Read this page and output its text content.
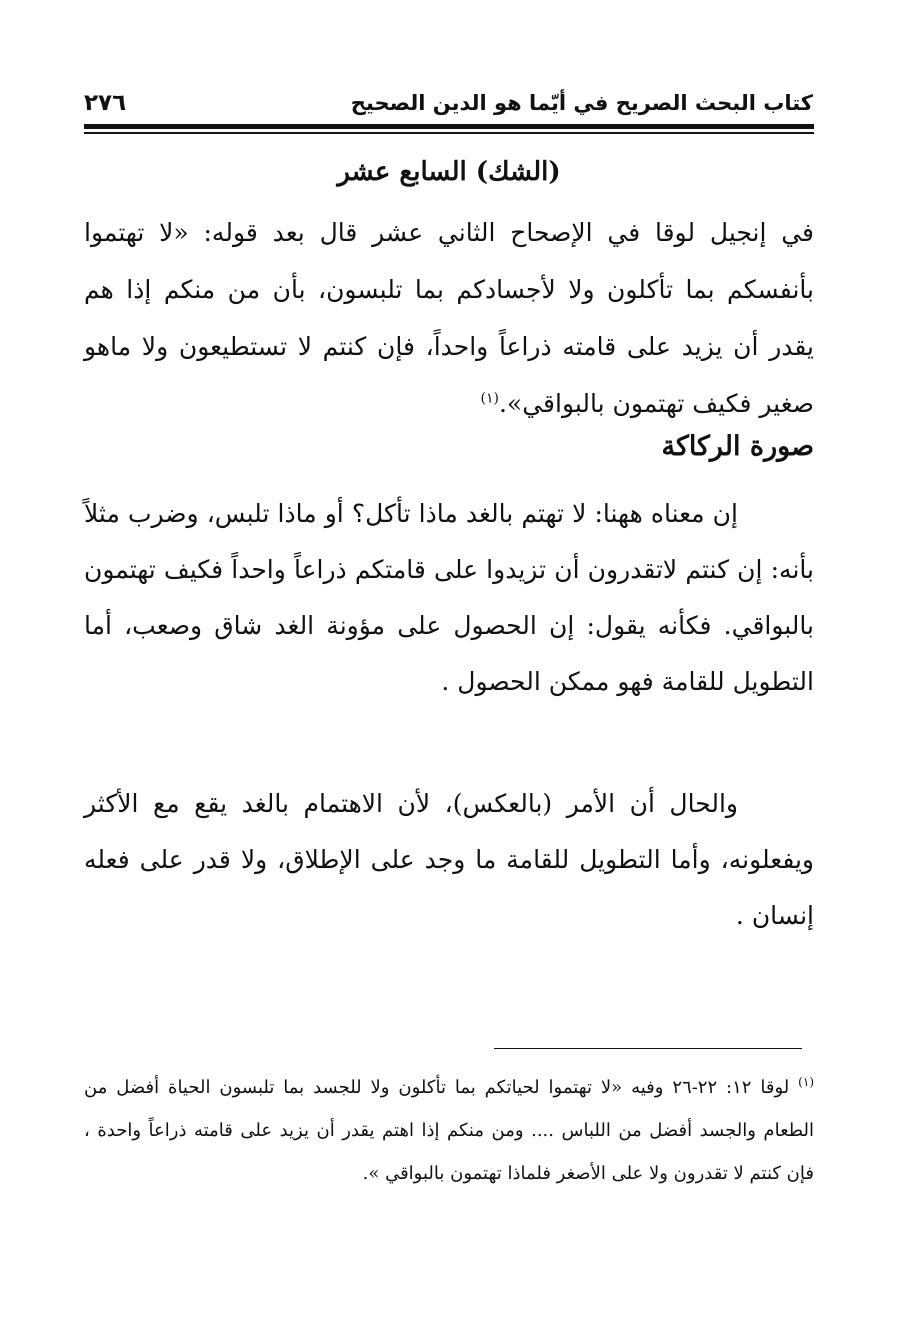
كتاب البحث الصريح في أيّما هو الدين الصحيح
٢٧٦
(الشك) السابع عشر
في إنجيل لوقا في الإصحاح الثاني عشر قال بعد قوله: «لا تهتموا بأنفسكم بما تأكلون ولا لأجسادكم بما تلبسون، بأن من منكم إذا هم يقدر أن يزيد على قامته ذراعاً واحداً، فإن كنتم لا تستطيعون ولا ماهو صغير فكيف تهتمون بالبواقي».$^{(١)}$
صورة الركاكة
إن معناه ههنا: لا تهتم بالغد ماذا تأكل؟ أو ماذا تلبس، وضرب مثلاً بأنه: إن كنتم لاتقدرون أن تزيدوا على قامتكم ذراعاً واحداً فكيف تهتمون بالبواقي. فكأنه يقول: إن الحصول على مؤونة الغد شاق وصعب، أما التطويل للقامة فهو ممكن الحصول .
والحال أن الأمر (بالعكس)، لأن الاهتمام بالغد يقع مع الأكثر ويفعلونه، وأما التطويل للقامة ما وجد على الإطلاق، ولا قدر على فعله إنسان .
$^{(١)}$ لوقا ١٢: ٢٢-٢٦ وفيه «لا تهتموا لحياتكم بما تأكلون ولا للجسد بما تلبسون الحياة أفضل من الطعام والجسد أفضل من اللباس .... ومن منكم إذا اهتم يقدر أن يزيد على قامته ذراعاً واحدة ، فإن كنتم لا تقدرون ولا على الأصغر فلماذا تهتمون بالبواقي ».
